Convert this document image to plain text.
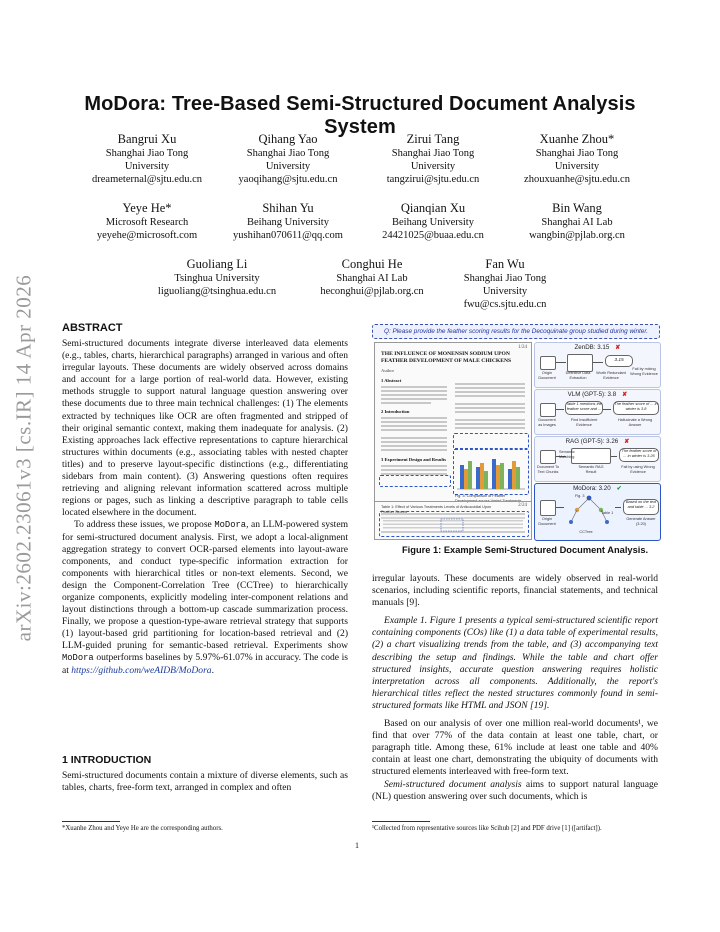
arXiv:2602.23061v3 [cs.IR] 14 Apr 2026
MoDora: Tree-Based Semi-Structured Document Analysis System
Bangrui Xu
Shanghai Jiao Tong
University
dreameternal@sjtu.edu.cn
Qihang Yao
Shanghai Jiao Tong
University
yaoqihang@sjtu.edu.cn
Zirui Tang
Shanghai Jiao Tong
University
tangzirui@sjtu.edu.cn
Xuanhe Zhou*
Shanghai Jiao Tong
University
zhouxuanhe@sjtu.edu.cn
Yeye He*
Microsoft Research
yeyehe@microsoft.com
Shihan Yu
Beihang University
yushihan070611@qq.com
Qianqian Xu
Beihang University
24421025@buaa.edu.cn
Bin Wang
Shanghai AI Lab
wangbin@pjlab.org.cn
Guoliang Li
Tsinghua University
liguoliang@tsinghua.edu.cn
Conghui He
Shanghai AI Lab
heconghui@pjlab.org.cn
Fan Wu
Shanghai Jiao Tong
University
fwu@cs.sjtu.edu.cn
ABSTRACT

Semi-structured documents integrate diverse interleaved data elements (e.g., tables, charts, hierarchical paragraphs) arranged in various and often irregular layouts. These documents are widely observed across domains and account for a large portion of real-world data. However, existing methods struggle to support natural language question answering over these documents due to three main technical challenges: (1) The elements extracted by techniques like OCR are often fragmented and stripped of their original semantic context, making them inadequate for analysis. (2) Existing approaches lack effective representations to capture hierarchical structures within documents (e.g., associating tables with nested chapter titles) and to preserve layout-specific distinctions (e.g., differentiating sidebars from main content). (3) Answering questions often requires retrieving and aligning relevant information scattered across multiple regions or pages, such as linking a descriptive paragraph to table cells located elsewhere in the document.

To address these issues, we propose MoDora, an LLM-powered system for semi-structured document analysis. First, we adopt a local-alignment aggregation strategy to convert OCR-parsed elements into layout-aware components, and conduct type-specific information extraction for components with hierarchical titles or non-text elements. Second, we design the Component-Correlation Tree (CCTree) to hierarchically organize components, explicitly modeling inter-component relations and layout distinctions through a bottom-up cascade summarization process. Finally, we propose a question-type-aware retrieval strategy that supports (1) layout-based grid partitioning for location-based retrieval and (2) LLM-guided pruning for semantic-based retrieval. Experiments show MoDora outperforms baselines by 5.97%-61.07% in accuracy. The code is at https://github.com/weAIDB/MoDora.

1 INTRODUCTION

Semi-structured documents contain a mixture of diverse elements, such as tables, charts, free-form text, arranged in complex and often

*Xuanhe Zhou and Yeye He are the corresponding authors.
Q: Please provide the feather scoring results for the Decoquinate group studied during winter.
1/24
THE INFLUENCE OF MONENSIN SODIUM UPON FEATHER DEVELOPMENT OF MALE CHICKENS
Author
1 Abstract
2 Introduction
3 Experiment Design and Results
Fig. 3: Comparison of Feather Development across Varied Treatments.
2/24
Table 1: Effect of Various Treatments Levels of Anticoccidial Upon Feather Scores
ZenDB: 3.15 ✘
3.15
Origin Document
Definitive Data Extraction
Worth Redundant Evidence
Fail by mixing Wrong Evidence
VLM (GPT-5): 3.8 ✘
Table 1 mentions the feather score and ...
The feather score of ... in winter is 3.8
Document as Images
Find Insufficient Evidence
Hallucinate a Wrong Answer
RAG (GPT-5): 3.26 ✘
The feather score of ... in winter is 3.26
Document To Text Chunks
Semantic Matching
Semantic RAG Result
Fail by using Wrong Evidence
MoDora: 3.20 ✔
Fig. 3
Table 1
Based on the text and table ... 3.2
Origin Document
CCTree
Generate Answer (3.20)
Figure 1: Example Semi-Structured Document Analysis.

irregular layouts. These documents are widely observed in real-world scenarios, including scientific reports, financial statements, and technical manuals [9].

Example 1. Figure 1 presents a typical semi-structured scientific report containing components (COs) like (1) a data table of experimental results, (2) a chart visualizing trends from the table, and (3) accompanying text describing the setup and findings. While the table and chart offer structured insights, accurate question answering requires holistic interpretation across all components. Additionally, the report's hierarchical titles reflect the nested structures commonly found in semi-structured formats like HTML and JSON [19].

Based on our analysis of over one million real-world documents¹, we find that over 77% of the data contain at least one table, chart, or paragraph title. Among these, 61% include at least one table and 40% contain at least one chart, demonstrating the ubiquity of documents with structured elements interleaved with free-form text.

Semi-structured document analysis aims to support natural language (NL) question answering over such documents, which is

¹Collected from representative sources like Scihub [2] and PDF drive [1] ([artifact]).
1
